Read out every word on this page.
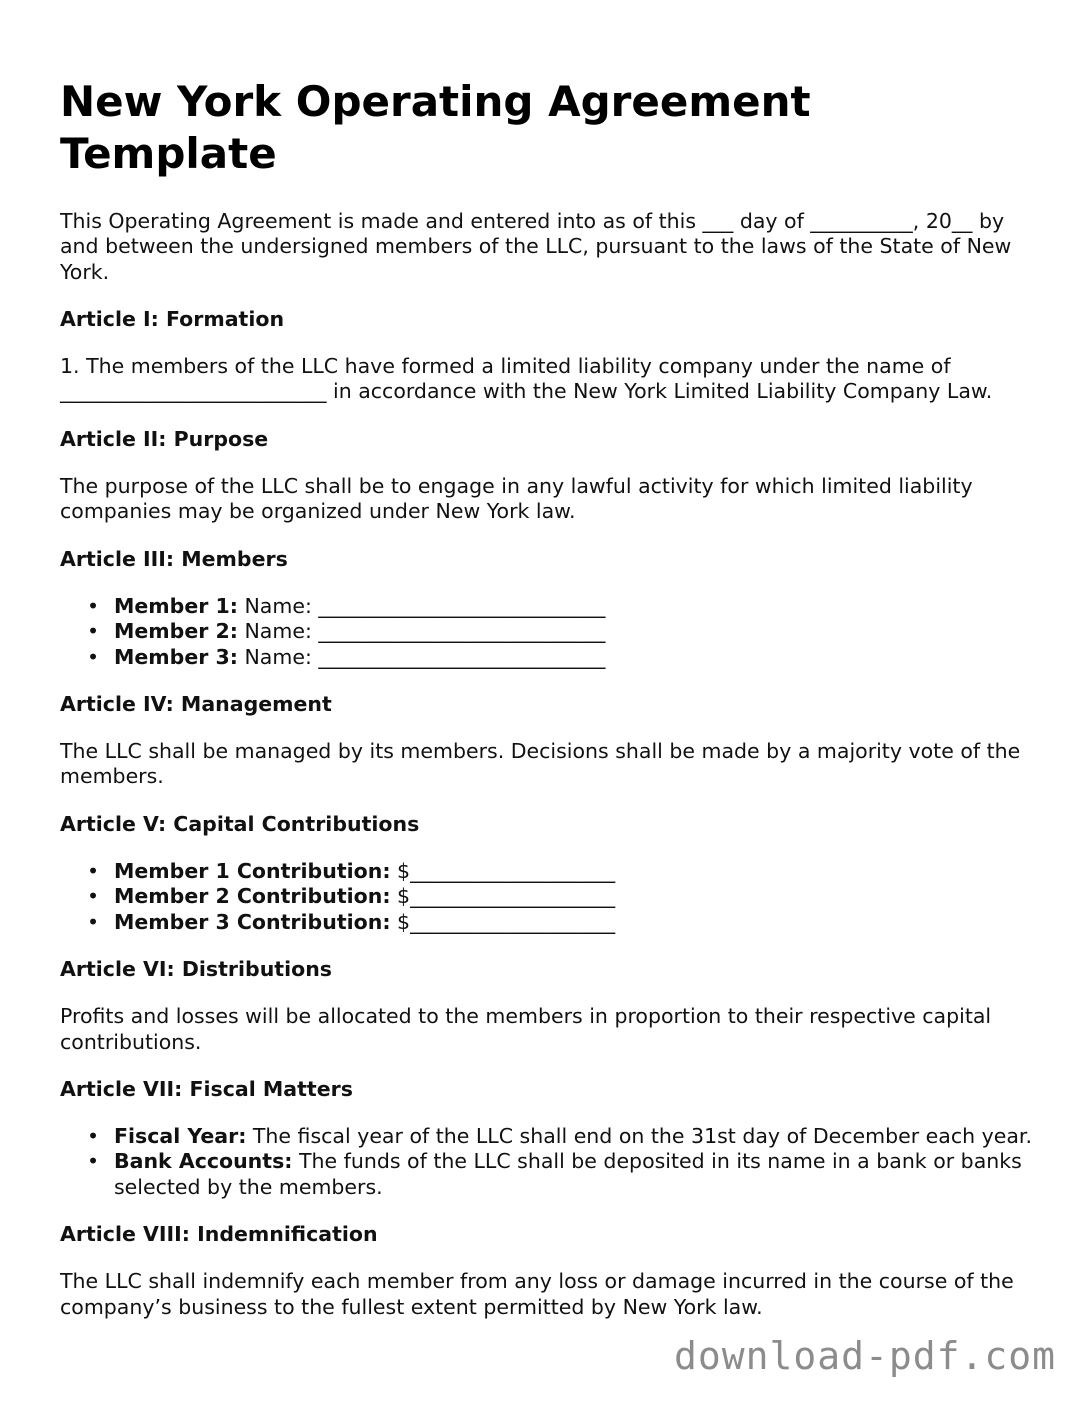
New York Operating Agreement Template

This Operating Agreement is made and entered into as of this ___ day of __________, 20__ by and between the undersigned members of the LLC, pursuant to the laws of the State of New York.

Article I: Formation

1. The members of the LLC have formed a limited liability company under the name of __________________________ in accordance with the New York Limited Liability Company Law.

Article II: Purpose

The purpose of the LLC shall be to engage in any lawful activity for which limited liability companies may be organized under New York law.

Article III: Members
• Member 1: Name: ____________________________
• Member 2: Name: ____________________________
• Member 3: Name: ____________________________
Article IV: Management

The LLC shall be managed by its members. Decisions shall be made by a majority vote of the members.

Article V: Capital Contributions
• Member 1 Contribution: $____________________
• Member 2 Contribution: $____________________
• Member 3 Contribution: $____________________
Article VI: Distributions

Profits and losses will be allocated to the members in proportion to their respective capital contributions.

Article VII: Fiscal Matters
• Fiscal Year: The fiscal year of the LLC shall end on the 31st day of December each year.
• Bank Accounts: The funds of the LLC shall be deposited in its name in a bank or banks selected by the members.
Article VIII: Indemnification

The LLC shall indemnify each member from any loss or damage incurred in the course of the company’s business to the fullest extent permitted by New York law.

download-pdf.com
